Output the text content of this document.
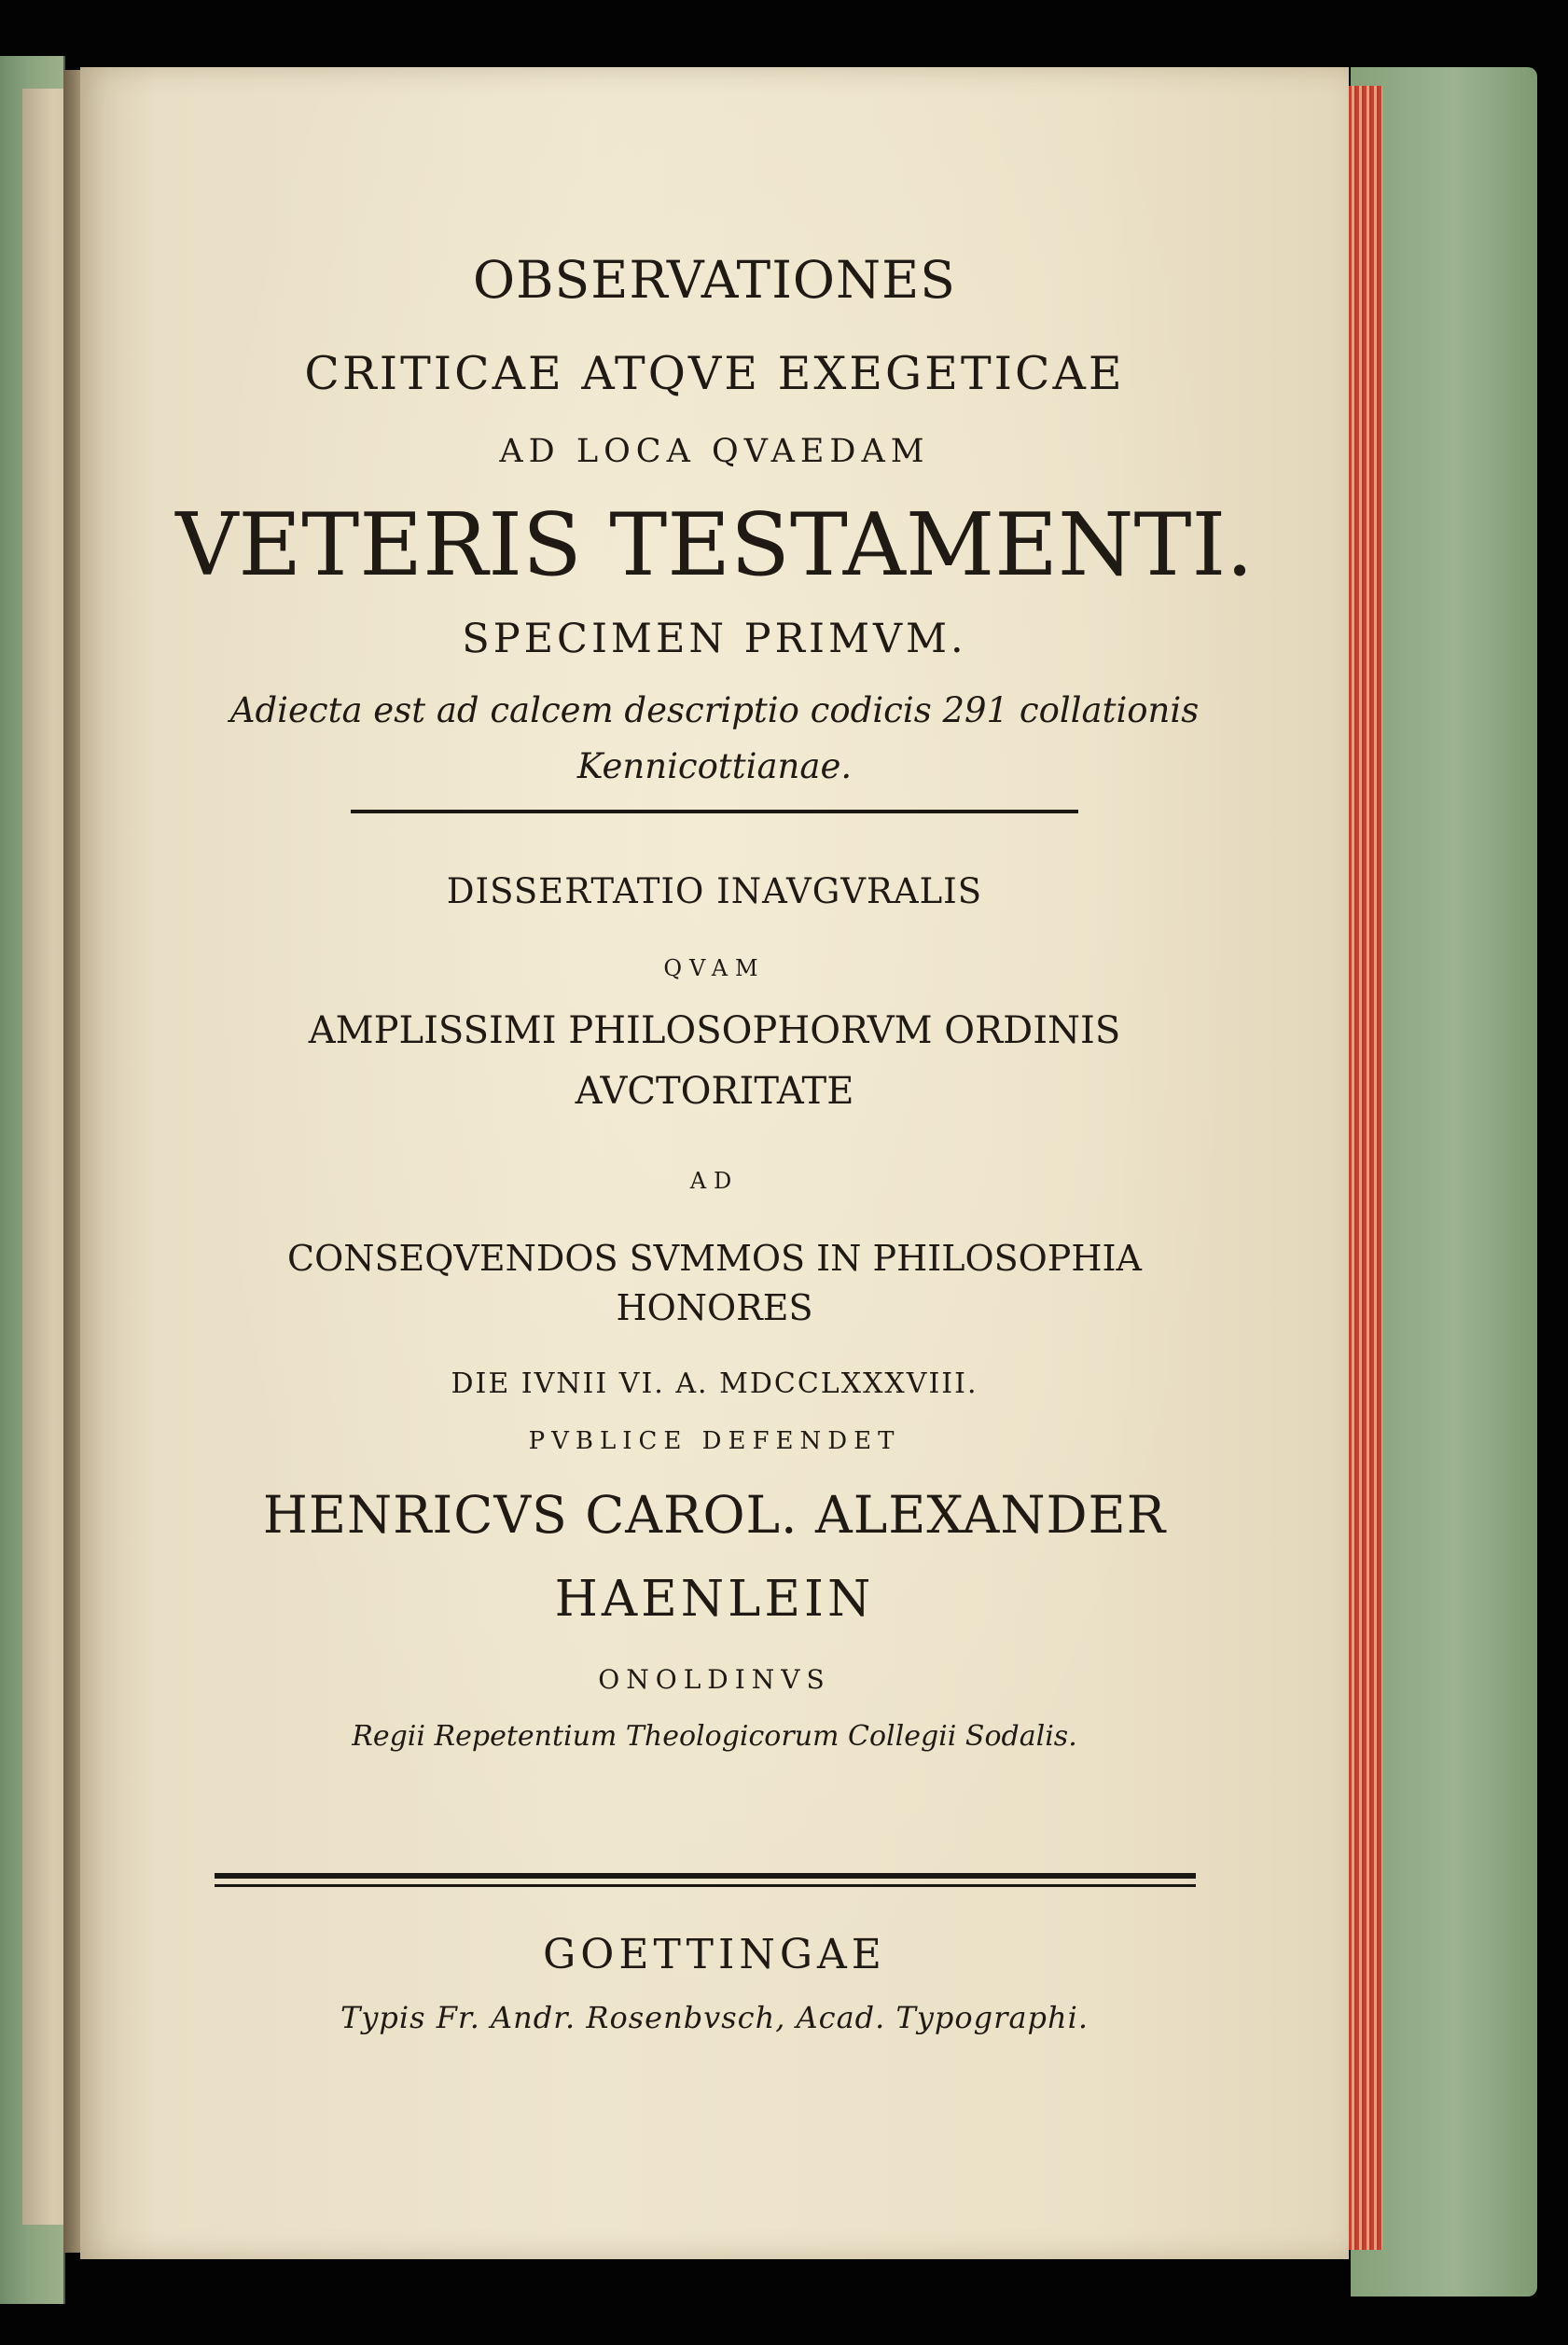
OBSERVATIONES

CRITICAE ATQVE EXEGETICAE

AD LOCA QVAEDAM

VETERIS TESTAMENTI.

SPECIMEN PRIMVM.

Adiecta est ad calcem descriptio codicis 291 collationis

Kennicottianae.

DISSERTATIO INAVGVRALIS

QVAM

AMPLISSIMI PHILOSOPHORVM ORDINIS

AVCTORITATE

AD

CONSEQVENDOS SVMMOS IN PHILOSOPHIA

HONORES

DIE IVNII VI. A. MDCCLXXXVIII.

PVBLICE DEFENDET

HENRICVS CAROL. ALEXANDER

HAENLEIN

ONOLDINVS

Regii Repetentium Theologicorum Collegii Sodalis.

GOETTINGAE

Typis Fr. Andr. Rosenbvsch, Acad. Typographi.
